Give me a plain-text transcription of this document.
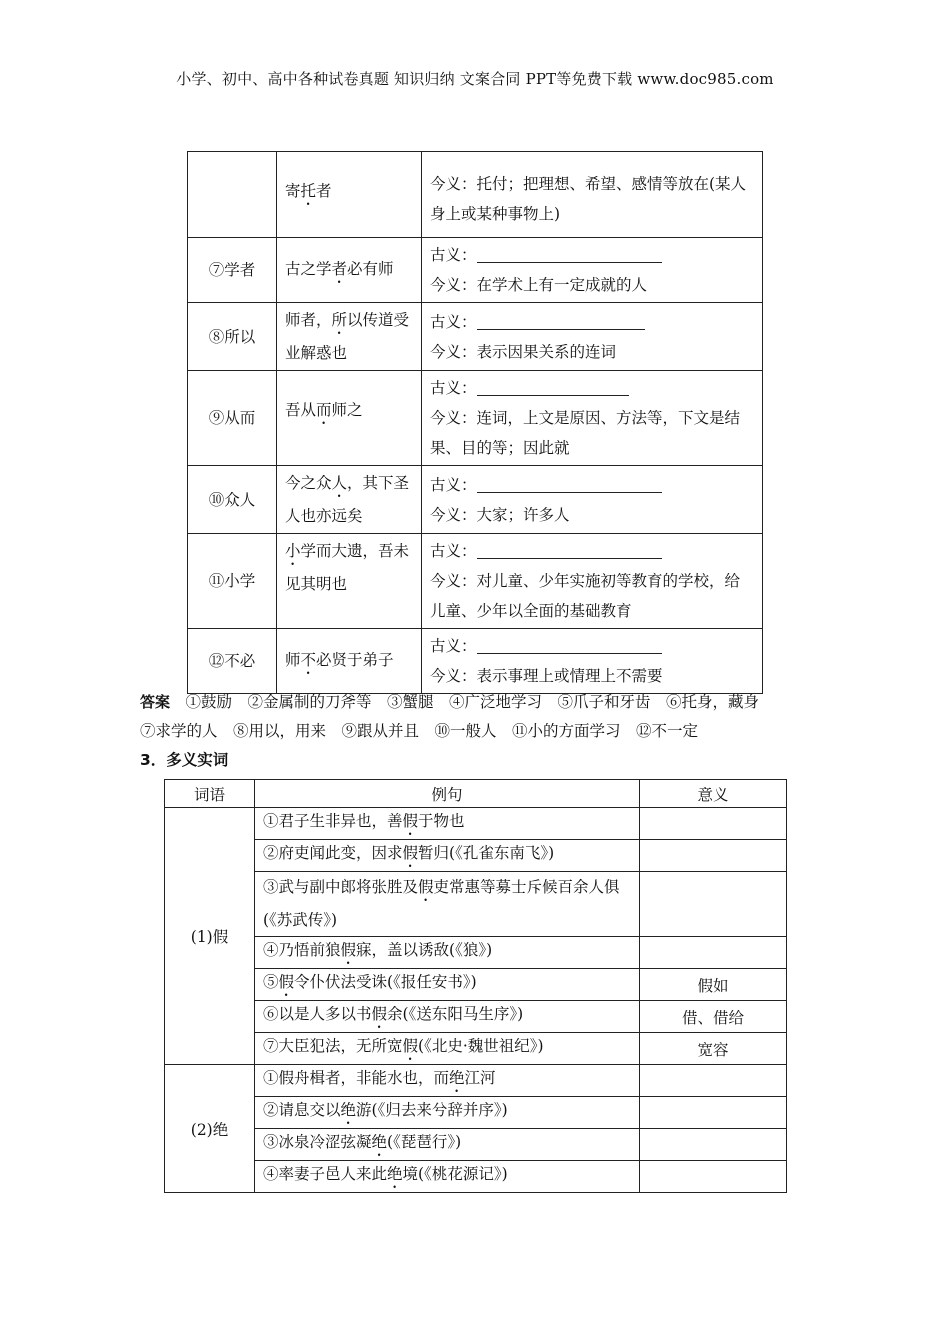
小学、初中、高中各种试卷真题 知识归纳 文案合同 PPT等免费下载 www.doc985.com
	寄托者	今义：托付；把理想、希望、感情等放在(某人身上或某种事物上)

⑦学者	古之学者必有师	古义：
今义：在学术上有一定成就的人

⑧所以	师者，所以传道受业解惑也	古义：
今义：表示因果关系的连词

⑨从而	吾从而师之	古义：
今义：连词，上文是原因、方法等，下文是结果、目的等；因此就

⑩众人	今之众人，其下圣人也亦远矣	古义：
今义：大家；许多人

⑪小学	小学而大遗，吾未见其明也	古义：
今义：对儿童、少年实施初等教育的学校，给儿童、少年以全面的基础教育

⑫不必	师不必贤于弟子	古义：
今义：表示事理上或情理上不需要
答案　 ①鼓励　②金属制的刀斧等　③蟹腿　④广泛地学习　⑤爪子和牙齿　⑥托身，藏身
⑦求学的人　⑧用以，用来　⑨跟从并且　⑩一般人　⑪小的方面学习　⑫不一定
3．多义实词
词语	例句	意义
(1)假	①君子生非异也，善假于物也	
	②府吏闻此变，因求假暂归(《孔雀东南飞》)	
	③武与副中郎将张胜及假吏常惠等募士斥候百余人俱(《苏武传》)	
	④乃悟前狼假寐，盖以诱敌(《狼》)	
	⑤假令仆伏法受诛(《报任安书》)	假如
	⑥以是人多以书假余(《送东阳马生序》)	借、借给
	⑦大臣犯法，无所宽假(《北史·魏世祖纪》)	宽容
(2)绝	①假舟楫者，非能水也，而绝江河	
	②请息交以绝游(《归去来兮辞并序》)	
	③冰泉冷涩弦凝绝(《琵琶行》)	
	④率妻子邑人来此绝境(《桃花源记》)	
